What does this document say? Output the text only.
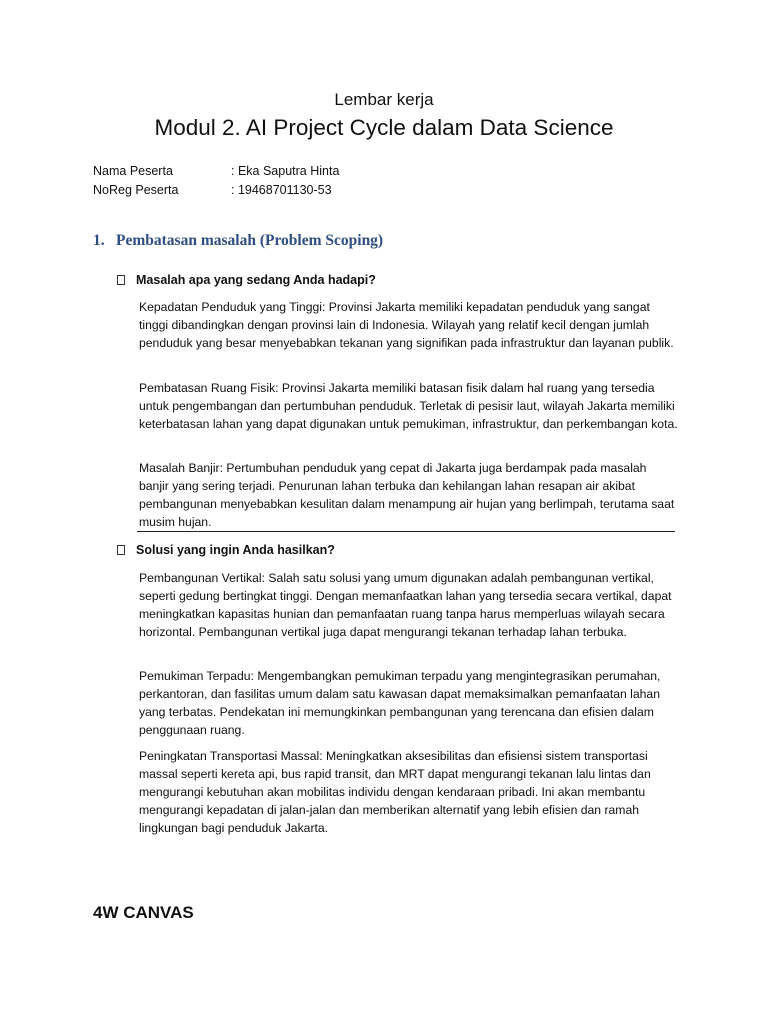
Lembar kerja
Modul 2. AI Project Cycle dalam Data Science
Nama Peserta	: Eka Saputra Hinta
NoReg Peserta	: 19468701130-53
1. Pembatasan masalah (Problem Scoping)
Masalah apa yang sedang Anda hadapi?

Kepadatan Penduduk yang Tinggi: Provinsi Jakarta memiliki kepadatan penduduk yang sangat tinggi dibandingkan dengan provinsi lain di Indonesia. Wilayah yang relatif kecil dengan jumlah penduduk yang besar menyebabkan tekanan yang signifikan pada infrastruktur dan layanan publik.

Pembatasan Ruang Fisik: Provinsi Jakarta memiliki batasan fisik dalam hal ruang yang tersedia untuk pengembangan dan pertumbuhan penduduk. Terletak di pesisir laut, wilayah Jakarta memiliki keterbatasan lahan yang dapat digunakan untuk pemukiman, infrastruktur, dan perkembangan kota.

Masalah Banjir: Pertumbuhan penduduk yang cepat di Jakarta juga berdampak pada masalah banjir yang sering terjadi. Penurunan lahan terbuka dan kehilangan lahan resapan air akibat pembangunan menyebabkan kesulitan dalam menampung air hujan yang berlimpah, terutama saat musim hujan.

Solusi yang ingin Anda hasilkan?

Pembangunan Vertikal: Salah satu solusi yang umum digunakan adalah pembangunan vertikal, seperti gedung bertingkat tinggi. Dengan memanfaatkan lahan yang tersedia secara vertikal, dapat meningkatkan kapasitas hunian dan pemanfaatan ruang tanpa harus memperluas wilayah secara horizontal. Pembangunan vertikal juga dapat mengurangi tekanan terhadap lahan terbuka.

Pemukiman Terpadu: Mengembangkan pemukiman terpadu yang mengintegrasikan perumahan, perkantoran, dan fasilitas umum dalam satu kawasan dapat memaksimalkan pemanfaatan lahan yang terbatas. Pendekatan ini memungkinkan pembangunan yang terencana dan efisien dalam penggunaan ruang.

Peningkatan Transportasi Massal: Meningkatkan aksesibilitas dan efisiensi sistem transportasi massal seperti kereta api, bus rapid transit, dan MRT dapat mengurangi tekanan lalu lintas dan mengurangi kebutuhan akan mobilitas individu dengan kendaraan pribadi. Ini akan membantu mengurangi kepadatan di jalan-jalan dan memberikan alternatif yang lebih efisien dan ramah lingkungan bagi penduduk Jakarta.

4W CANVAS
